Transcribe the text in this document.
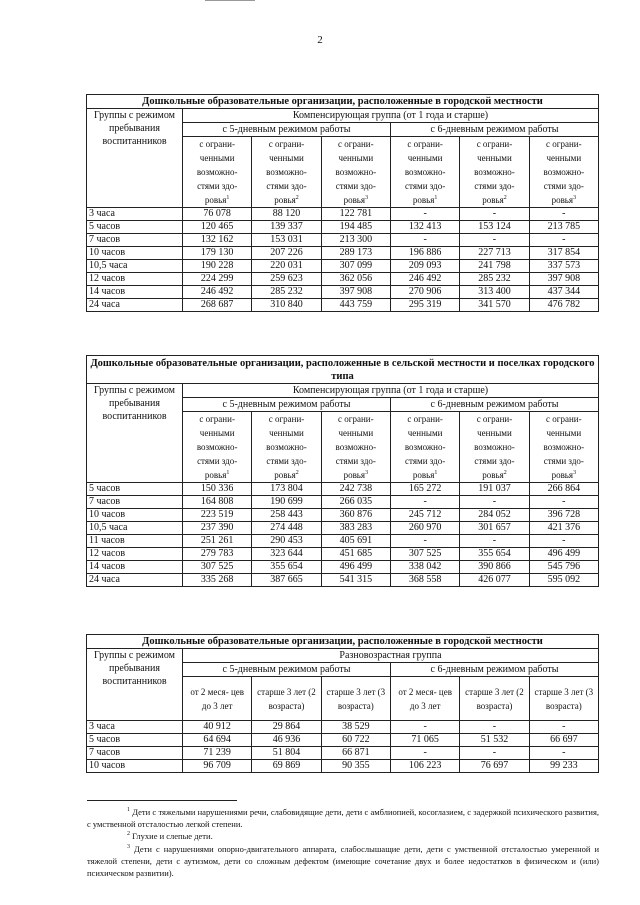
2
Дошкольные образовательные организации, расположенные в городской местности						
Группы с режимом пребывания воспитанников	Компенсирующая группа (от 1 года и старше)					
	с 5-дневным режимом работы			с 6-дневным режимом работы		
	с ограни- ченными возможно- стями здо- ровья$^1$	с ограни- ченными возможно- стями здо- ровья$^2$	с ограни- ченными возможно- стями здо- ровья$^3$	с ограни- ченными возможно- стями здо- ровья$^1$	с ограни- ченными возможно- стями здо- ровья$^2$	с ограни- ченными возможно- стями здо- ровья$^3$
3 часа	76 078	88 120	122 781	-	-	-
5 часов	120 465	139 337	194 485	132 413	153 124	213 785
7 часов	132 162	153 031	213 300	-	-	-
10 часов	179 130	207 226	289 173	196 886	227 713	317 854
10,5 часа	190 228	220 031	307 099	209 093	241 798	337 573
12 часов	224 299	259 623	362 056	246 492	285 232	397 908
14 часов	246 492	285 232	397 908	270 906	313 400	437 344
24 часа	268 687	310 840	443 759	295 319	341 570	476 782
Дошкольные образовательные организации, расположенные в сельской местности и поселках городского типа						
Группы с режимом пребывания воспитанников	Компенсирующая группа (от 1 года и старше)					
	с 5-дневным режимом работы			с 6-дневным режимом работы		
	с ограни- ченными возможно- стями здо- ровья$^1$	с ограни- ченными возможно- стями здо- ровья$^2$	с ограни- ченными возможно- стями здо- ровья$^3$	с ограни- ченными возможно- стями здо- ровья$^1$	с ограни- ченными возможно- стями здо- ровья$^2$	с ограни- ченными возможно- стями здо- ровья$^3$
5 часов	150 336	173 804	242 738	165 272	191 037	266 864
7 часов	164 808	190 699	266 035	-	-	-
10 часов	223 519	258 443	360 876	245 712	284 052	396 728
10,5 часа	237 390	274 448	383 283	260 970	301 657	421 376
11 часов	251 261	290 453	405 691	-	-	-
12 часов	279 783	323 644	451 685	307 525	355 654	496 499
14 часов	307 525	355 654	496 499	338 042	390 866	545 796
24 часа	335 268	387 665	541 315	368 558	426 077	595 092
Дошкольные образовательные организации, расположенные в городской местности						
Группы с режимом пребывания воспитанников	Разновозрастная группа					
	с 5-дневным режимом работы			с 6-дневным режимом работы		
	от 2 меся- цев до 3 лет	старше 3 лет (2 возраста)	старше 3 лет (3 возраста)	от 2 меся- цев до 3 лет	старше 3 лет (2 возраста)	старше 3 лет (3 возраста)
3 часа	40 912	29 864	38 529	-	-	-
5 часов	64 694	46 936	60 722	71 065	51 532	66 697
7 часов	71 239	51 804	66 871	-	-	-
10 часов	96 709	69 869	90 355	106 223	76 697	99 233
$^1$ Дети с тяжелыми нарушениями речи, слабовидящие дети, дети с амблиопией, косоглазием, с задержкой психического развития, с умственной отсталостью легкой степени.
$^2$ Глухие и слепые дети.
$^3$ Дети с нарушениями опорно-двигательного аппарата, слабослышащие дети, дети с умственной отсталостью умеренной и тяжелой степени, дети с аутизмом, дети со сложным дефектом (имеющие сочетание двух и более недостатков в физическом и (или) психическом развитии).
